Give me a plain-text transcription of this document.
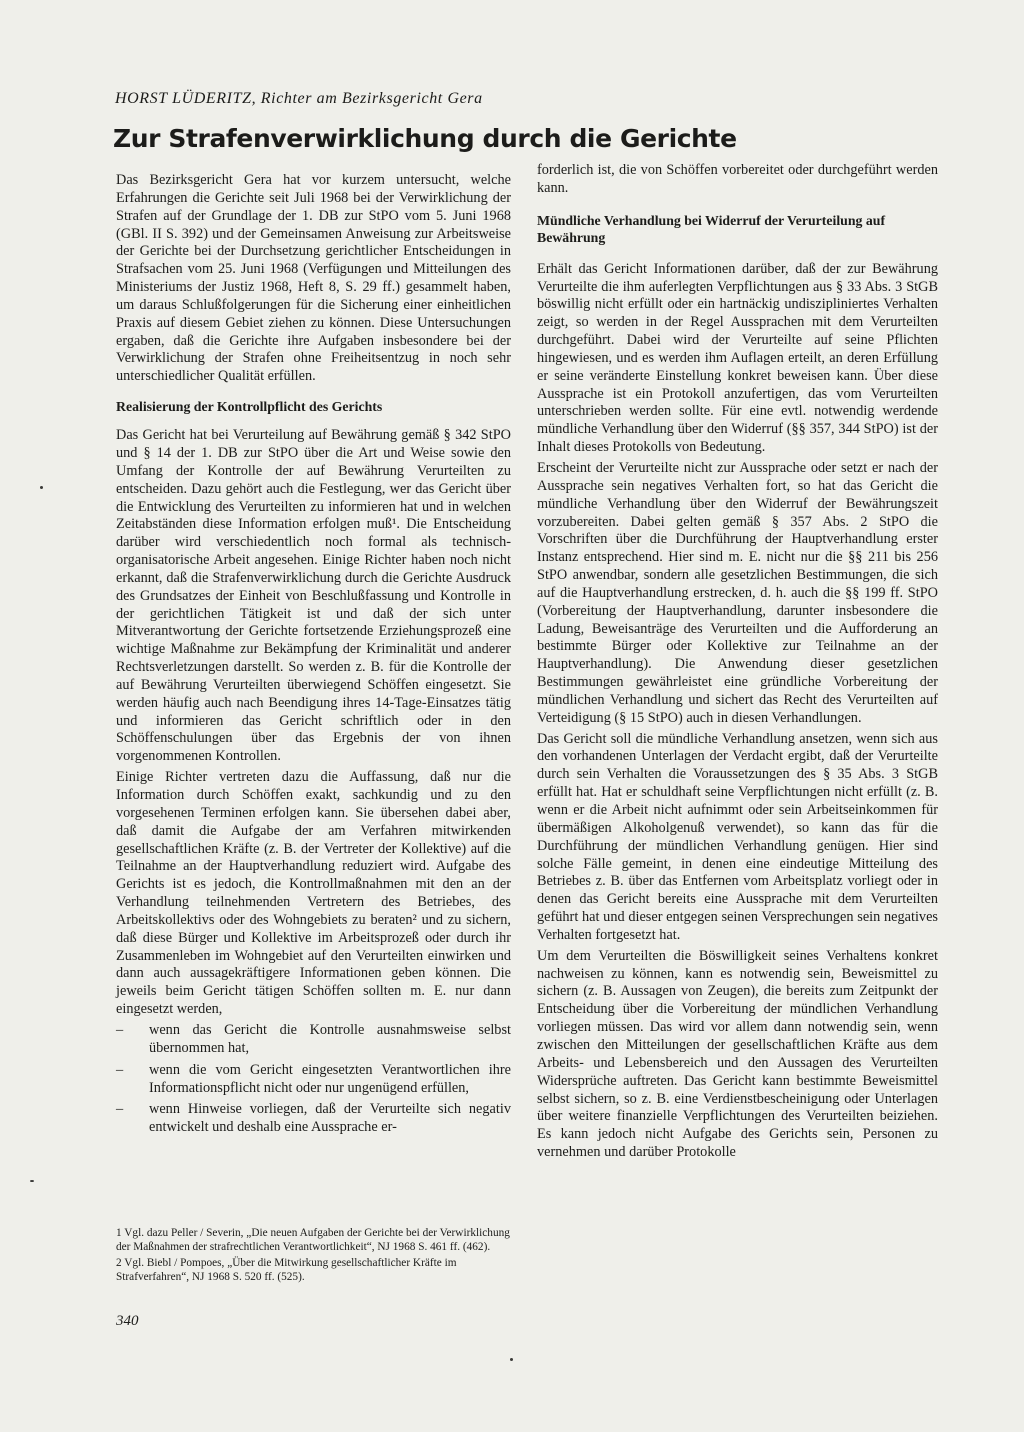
HORST LÜDERITZ, Richter am Bezirksgericht Gera
Zur Strafenverwirklichung durch die Gerichte

Das Bezirksgericht Gera hat vor kurzem untersucht, welche Erfahrungen die Gerichte seit Juli 1968 bei der Verwirklichung der Strafen auf der Grundlage der 1. DB zur StPO vom 5. Juni 1968 (GBl. II S. 392) und der Gemeinsamen Anweisung zur Arbeitsweise der Gerichte bei der Durchsetzung gerichtlicher Entscheidungen in Strafsachen vom 25. Juni 1968 (Verfügungen und Mitteilungen des Ministeriums der Justiz 1968, Heft 8, S. 29 ff.) gesammelt haben, um daraus Schlußfolgerungen für die Sicherung einer einheitlichen Praxis auf diesem Gebiet ziehen zu können. Diese Untersuchungen ergaben, daß die Gerichte ihre Aufgaben insbesondere bei der Verwirklichung der Strafen ohne Freiheitsentzug in noch sehr unterschiedlicher Qualität erfüllen.

Realisierung der Kontrollpflicht des Gerichts

Das Gericht hat bei Verurteilung auf Bewährung gemäß § 342 StPO und § 14 der 1. DB zur StPO über die Art und Weise sowie den Umfang der Kontrolle der auf Bewährung Verurteilten zu entscheiden. Dazu gehört auch die Festlegung, wer das Gericht über die Entwicklung des Verurteilten zu informieren hat und in welchen Zeitabständen diese Information erfolgen muß¹. Die Entscheidung darüber wird verschiedentlich noch formal als technisch-organisatorische Arbeit angesehen. Einige Richter haben noch nicht erkannt, daß die Strafenverwirklichung durch die Gerichte Ausdruck des Grundsatzes der Einheit von Beschlußfassung und Kontrolle in der gerichtlichen Tätigkeit ist und daß der sich unter Mitverantwortung der Gerichte fortsetzende Erziehungsprozeß eine wichtige Maßnahme zur Bekämpfung der Kriminalität und anderer Rechtsverletzungen darstellt. So werden z. B. für die Kontrolle der auf Bewährung Verurteilten überwiegend Schöffen eingesetzt. Sie werden häufig auch nach Beendigung ihres 14-Tage-Einsatzes tätig und informieren das Gericht schriftlich oder in den Schöffenschulungen über das Ergebnis der von ihnen vorgenommenen Kontrollen.

Einige Richter vertreten dazu die Auffassung, daß nur die Information durch Schöffen exakt, sachkundig und zu den vorgesehenen Terminen erfolgen kann. Sie übersehen dabei aber, daß damit die Aufgabe der am Verfahren mitwirkenden gesellschaftlichen Kräfte (z. B. der Vertreter der Kollektive) auf die Teilnahme an der Hauptverhandlung reduziert wird. Aufgabe des Gerichts ist es jedoch, die Kontrollmaßnahmen mit den an der Verhandlung teilnehmenden Vertretern des Betriebes, des Arbeitskollektivs oder des Wohngebiets zu beraten² und zu sichern, daß diese Bürger und Kollektive im Arbeitsprozeß oder durch ihr Zusammenleben im Wohngebiet auf den Verurteilten einwirken und dann auch aussagekräftigere Informationen geben können. Die jeweils beim Gericht tätigen Schöffen sollten m. E. nur dann eingesetzt werden,

– wenn das Gericht die Kontrolle ausnahmsweise selbst übernommen hat,
– wenn die vom Gericht eingesetzten Verantwortlichen ihre Informationspflicht nicht oder nur ungenügend erfüllen,
– wenn Hinweise vorliegen, daß der Verurteilte sich negativ entwickelt und deshalb eine Aussprache er-

forderlich ist, die von Schöffen vorbereitet oder durchgeführt werden kann.

Mündliche Verhandlung bei Widerruf der Verurteilung auf Bewährung

Erhält das Gericht Informationen darüber, daß der zur Bewährung Verurteilte die ihm auferlegten Verpflichtungen aus § 33 Abs. 3 StGB böswillig nicht erfüllt oder ein hartnäckig undiszipliniertes Verhalten zeigt, so werden in der Regel Aussprachen mit dem Verurteilten durchgeführt. Dabei wird der Verurteilte auf seine Pflichten hingewiesen, und es werden ihm Auflagen erteilt, an deren Erfüllung er seine veränderte Einstellung konkret beweisen kann. Über diese Aussprache ist ein Protokoll anzufertigen, das vom Verurteilten unterschrieben werden sollte. Für eine evtl. notwendig werdende mündliche Verhandlung über den Widerruf (§§ 357, 344 StPO) ist der Inhalt dieses Protokolls von Bedeutung.

Erscheint der Verurteilte nicht zur Aussprache oder setzt er nach der Aussprache sein negatives Verhalten fort, so hat das Gericht die mündliche Verhandlung über den Widerruf der Bewährungszeit vorzubereiten. Dabei gelten gemäß § 357 Abs. 2 StPO die Vorschriften über die Durchführung der Hauptverhandlung erster Instanz entsprechend. Hier sind m. E. nicht nur die §§ 211 bis 256 StPO anwendbar, sondern alle gesetzlichen Bestimmungen, die sich auf die Hauptverhandlung erstrecken, d. h. auch die §§ 199 ff. StPO (Vorbereitung der Hauptverhandlung, darunter insbesondere die Ladung, Beweisanträge des Verurteilten und die Aufforderung an bestimmte Bürger oder Kollektive zur Teilnahme an der Hauptverhandlung). Die Anwendung dieser gesetzlichen Bestimmungen gewährleistet eine gründliche Vorbereitung der mündlichen Verhandlung und sichert das Recht des Verurteilten auf Verteidigung (§ 15 StPO) auch in diesen Verhandlungen.

Das Gericht soll die mündliche Verhandlung ansetzen, wenn sich aus den vorhandenen Unterlagen der Verdacht ergibt, daß der Verurteilte durch sein Verhalten die Voraussetzungen des § 35 Abs. 3 StGB erfüllt hat. Hat er schuldhaft seine Verpflichtungen nicht erfüllt (z. B. wenn er die Arbeit nicht aufnimmt oder sein Arbeitseinkommen für übermäßigen Alkoholgenuß verwendet), so kann das für die Durchführung der mündlichen Verhandlung genügen. Hier sind solche Fälle gemeint, in denen eine eindeutige Mitteilung des Betriebes z. B. über das Entfernen vom Arbeitsplatz vorliegt oder in denen das Gericht bereits eine Aussprache mit dem Verurteilten geführt hat und dieser entgegen seinen Versprechungen sein negatives Verhalten fortgesetzt hat.

Um dem Verurteilten die Böswilligkeit seines Verhaltens konkret nachweisen zu können, kann es notwendig sein, Beweismittel zu sichern (z. B. Aussagen von Zeugen), die bereits zum Zeitpunkt der Entscheidung über die Vorbereitung der mündlichen Verhandlung vorliegen müssen. Das wird vor allem dann notwendig sein, wenn zwischen den Mitteilungen der gesellschaftlichen Kräfte aus dem Arbeits- und Lebensbereich und den Aussagen des Verurteilten Widersprüche auftreten. Das Gericht kann bestimmte Beweismittel selbst sichern, so z. B. eine Verdienstbescheinigung oder Unterlagen über weitere finanzielle Verpflichtungen des Verurteilten beiziehen. Es kann jedoch nicht Aufgabe des Gerichts sein, Personen zu vernehmen und darüber Protokolle

1 Vgl. dazu Peller / Severin, „Die neuen Aufgaben der Gerichte bei der Verwirklichung der Maßnahmen der strafrechtlichen Verantwortlichkeit“, NJ 1968 S. 461 ff. (462).

2 Vgl. Biebl / Pompoes, „Über die Mitwirkung gesellschaftlicher Kräfte im Strafverfahren“, NJ 1968 S. 520 ff. (525).

340
